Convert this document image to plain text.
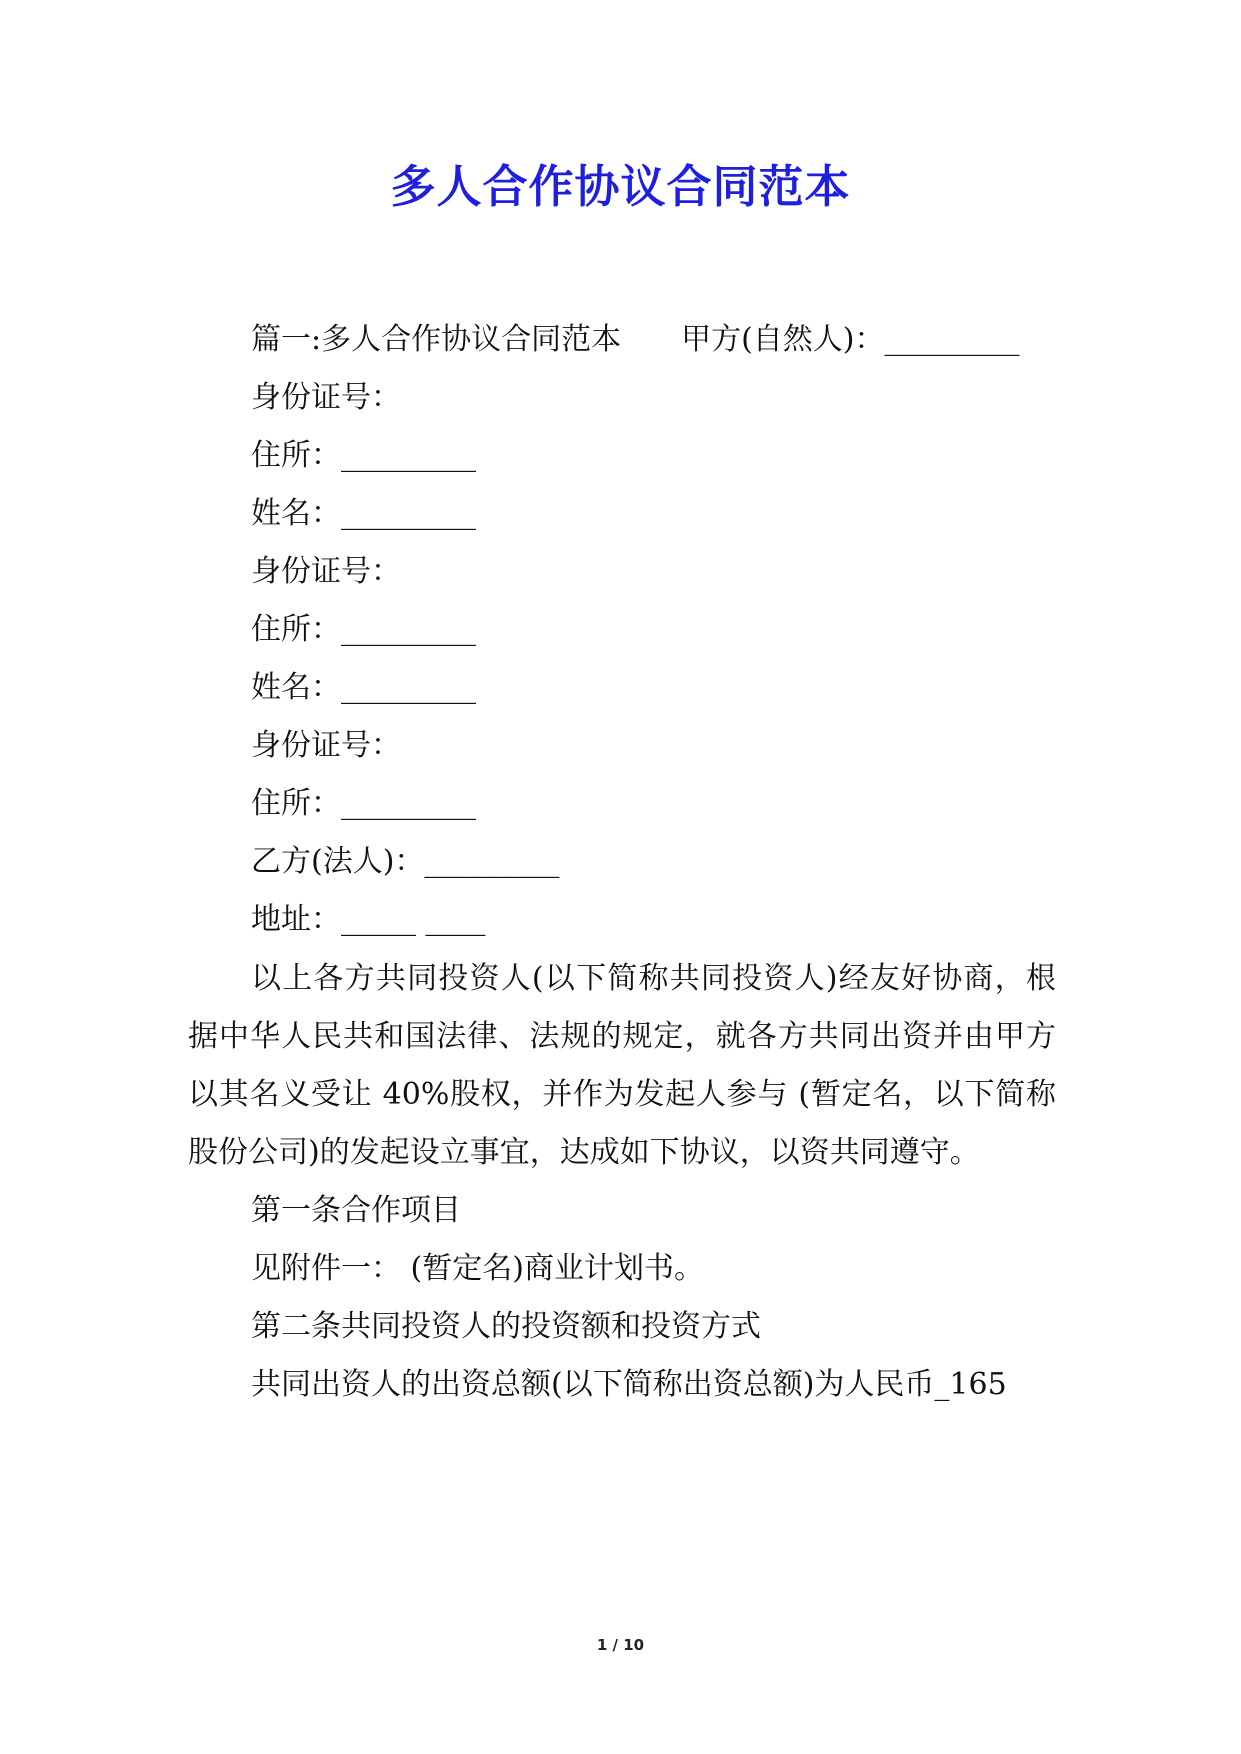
多人合作协议合同范本
篇一:多人合作协议合同范本　　甲方(自然人)：_________
身份证号：
住所：_________
姓名：_________
身份证号：
住所：_________
姓名：_________
身份证号：
住所：_________
乙方(法人)：_________
地址：_____ ____
以上各方共同投资人(以下简称共同投资人)经友好协商，根
据中华人民共和国法律、法规的规定，就各方共同出资并由甲方
以其名义受让 40%股权，并作为发起人参与 (暂定名，以下简称
股份公司)的发起设立事宜，达成如下协议，以资共同遵守。
第一条合作项目
见附件一： (暂定名)商业计划书。
第二条共同投资人的投资额和投资方式
共同出资人的出资总额(以下简称出资总额)为人民币_165
1 / 10
